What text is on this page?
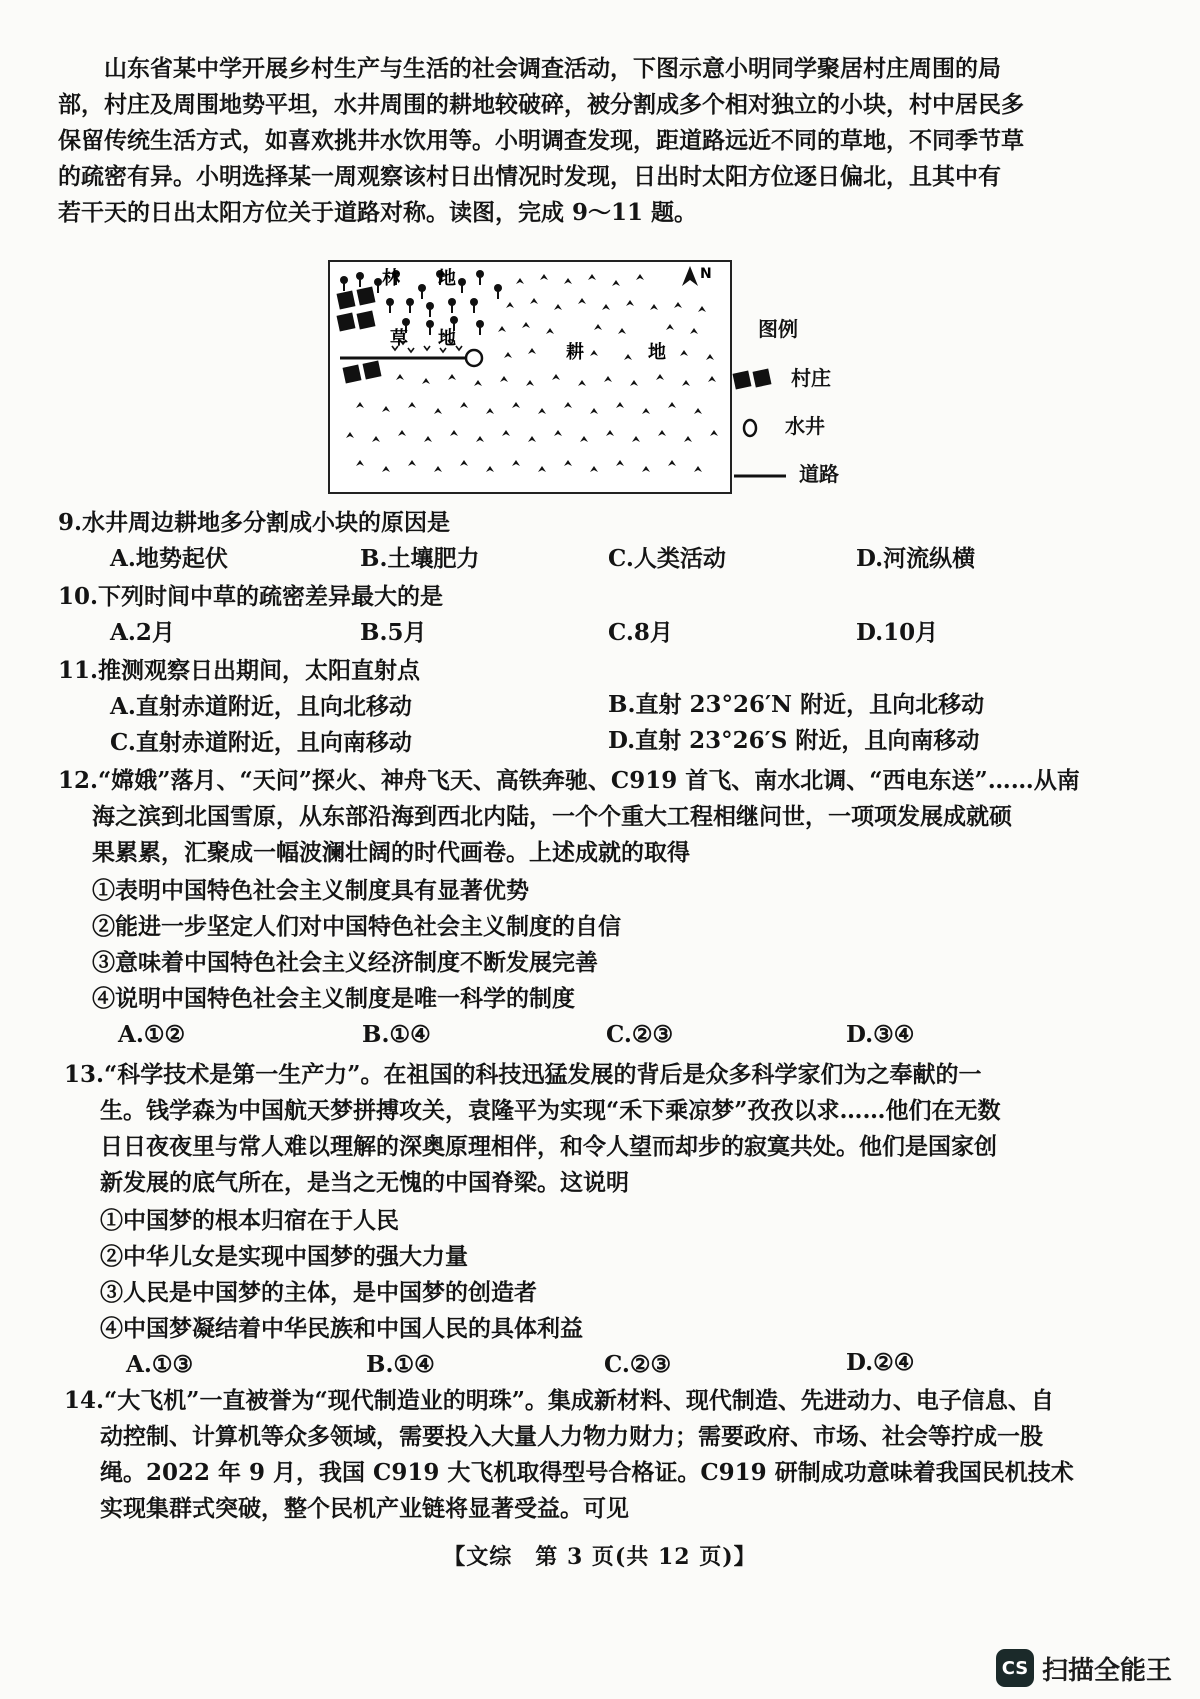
山东省某中学开展乡村生产与生活的社会调查活动，下图示意小明同学聚居村庄周围的局
部，村庄及周围地势平坦，水井周围的耕地较破碎，被分割成多个相对独立的小块，村中居民多
保留传统生活方式，如喜欢挑井水饮用等。小明调查发现，距道路远近不同的草地，不同季节草
的疏密有异。小明选择某一周观察该村日出情况时发现，日出时太阳方位逐日偏北，且其中有
若干天的日出太阳方位关于道路对称。读图，完成 9～11 题。
林 地
草 地
耕	地
N
图例
村庄
水井
道路
9.水井周边耕地多分割成小块的原因是
A.地势起伏	B.土壤肥力	C.人类活动	D.河流纵横
10.下列时间中草的疏密差异最大的是
A.2月	B.5月	C.8月	D.10月
11.推测观察日出期间，太阳直射点
A.直射赤道附近，且向北移动	B.直射 23°26′N 附近，且向北移动
C.直射赤道附近，且向南移动	D.直射 23°26′S 附近，且向南移动
12.“嫦娥”落月、“天问”探火、神舟飞天、高铁奔驰、C919 首飞、南水北调、“西电东送”……从南
海之滨到北国雪原，从东部沿海到西北内陆，一个个重大工程相继问世，一项项发展成就硕
果累累，汇聚成一幅波澜壮阔的时代画卷。上述成就的取得
①表明中国特色社会主义制度具有显著优势
②能进一步坚定人们对中国特色社会主义制度的自信
③意味着中国特色社会主义经济制度不断发展完善
④说明中国特色社会主义制度是唯一科学的制度
A.①②	B.①④	C.②③	D.③④
13.“科学技术是第一生产力”。在祖国的科技迅猛发展的背后是众多科学家们为之奉献的一
生。钱学森为中国航天梦拼搏攻关，袁隆平为实现“禾下乘凉梦”孜孜以求……他们在无数
日日夜夜里与常人难以理解的深奥原理相伴，和令人望而却步的寂寞共处。他们是国家创
新发展的底气所在，是当之无愧的中国脊梁。这说明
①中国梦的根本归宿在于人民
②中华儿女是实现中国梦的强大力量
③人民是中国梦的主体，是中国梦的创造者
④中国梦凝结着中华民族和中国人民的具体利益
A.①③	B.①④	C.②③	D.②④
14.“大飞机”一直被誉为“现代制造业的明珠”。集成新材料、现代制造、先进动力、电子信息、自
动控制、计算机等众多领域，需要投入大量人力物力财力；需要政府、市场、社会等拧成一股
绳。2022 年 9 月，我国 C919 大飞机取得型号合格证。C919 研制成功意味着我国民机技术
实现集群式突破，整个民机产业链将显著受益。可见
【文综　第 3 页(共 12 页)】
CS 扫描全能王
